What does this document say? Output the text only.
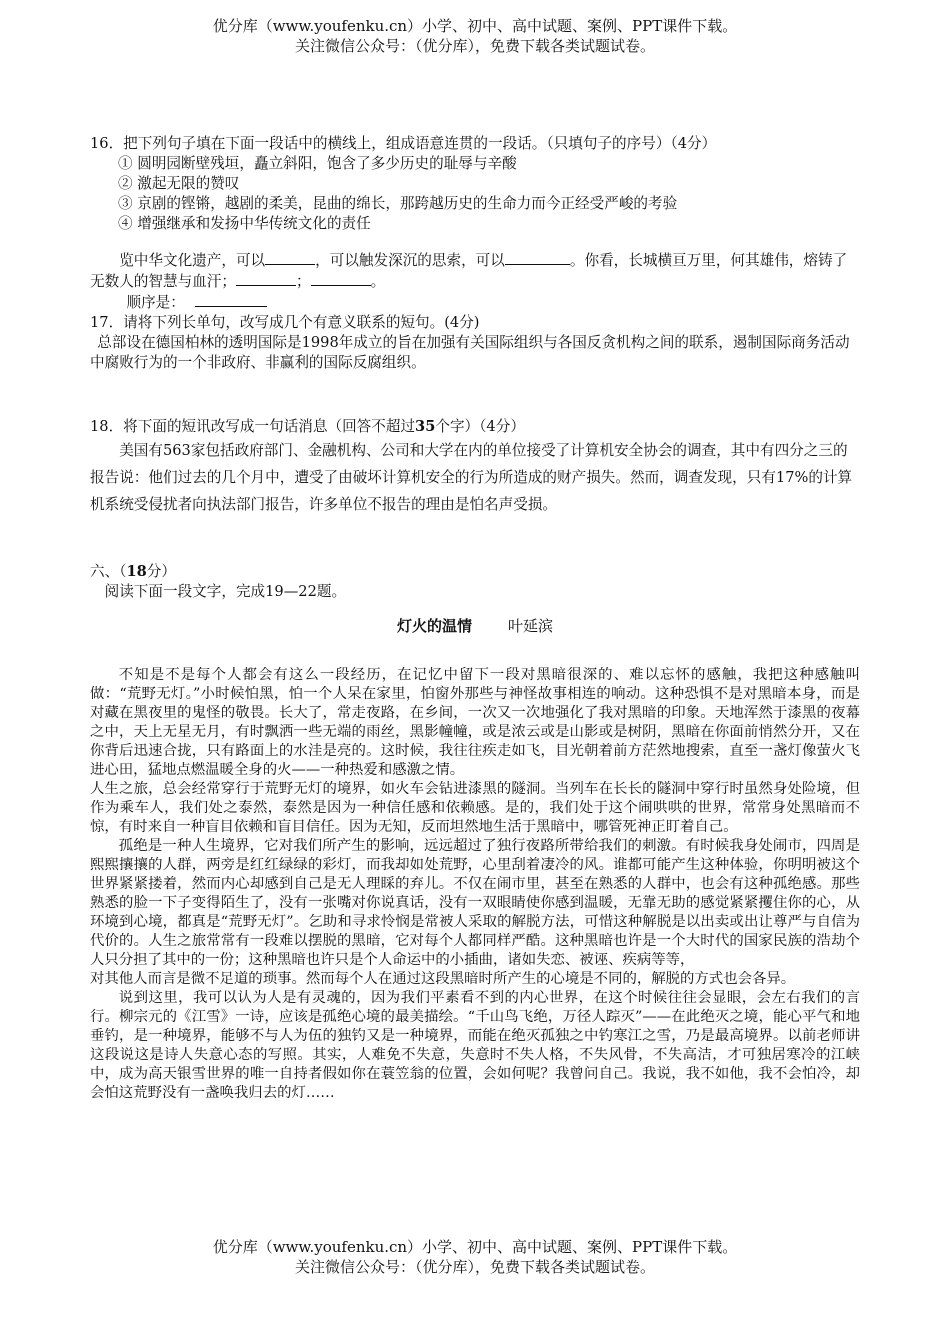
优分库（www.youfenku.cn）小学、初中、高中试题、案例、PPT课件下载。
关注微信公众号：（优分库），免费下载各类试题试卷。

16．把下列句子填在下面一段话中的横线上，组成语意连贯的一段话。（只填句子的序号）（4分）

① 圆明园断壁残垣，矗立斜阳，饱含了多少历史的耻辱与辛酸

② 激起无限的赞叹

③ 京剧的铿锵，越剧的柔美，昆曲的绵长，那跨越历史的生命力而今正经受严峻的考验

④ 增强继承和发扬中华传统文化的责任

览中华文化遗产，可以	，可以触发深沉的思索，可以	。你看，长城横亘万里，何其雄伟，熔铸了无数人的智慧与血汗；	；	。

顺序是：

17．请将下列长单句，改写成几个有意义联系的短句。(4分)

总部设在德国柏林的透明国际是1998年成立的旨在加强有关国际组织与各国反贪机构之间的联系，遏制国际商务活动中腐败行为的一个非政府、非赢利的国际反腐组织。

18．将下面的短讯改写成一句话消息（回答不超过35个字）（4分）

美国有563家包括政府部门、金融机构、公司和大学在内的单位接受了计算机安全协会的调查，其中有四分之三的报告说：他们过去的几个月中，遭受了由破坏计算机安全的行为所造成的财产损失。然而，调查发现，只有17%的计算机系统受侵扰者向执法部门报告，许多单位不报告的理由是怕名声受损。

六、（18分）

阅读下面一段文字，完成19—22题。

灯火的温情 叶延滨

不知是不是每个人都会有这么一段经历，在记忆中留下一段对黑暗很深的、难以忘怀的感触，我把这种感触叫做：“荒野无灯。”小时候怕黑，怕一个人呆在家里，怕窗外那些与神怪故事相连的响动。这种恐惧不是对黑暗本身，而是对藏在黑夜里的鬼怪的敬畏。长大了，常走夜路，在乡间，一次又一次地强化了我对黑暗的印象。天地浑然于漆黑的夜幕之中，天上无星无月，有时飘洒一些无端的雨丝，黑影幢幢，或是浓云或是山影或是树阴，黑暗在你面前悄然分开，又在你背后迅速合拢，只有路面上的水洼是亮的。这时候，我往往疾走如飞，目光朝着前方茫然地搜索，直至一盏灯像萤火飞进心田，猛地点燃温暖全身的火——一种热爱和感激之情。

人生之旅，总会经常穿行于荒野无灯的境界，如火车会钻进漆黑的隧洞。当列车在长长的隧洞中穿行时虽然身处险境，但作为乘车人，我们处之泰然，泰然是因为一种信任感和依赖感。是的，我们处于这个闹哄哄的世界，常常身处黑暗而不惊，有时来自一种盲目依赖和盲目信任。因为无知，反而坦然地生活于黑暗中，哪管死神正盯着自己。

孤绝是一种人生境界，它对我们所产生的影响，远远超过了独行夜路所带给我们的刺激。有时候我身处闹市，四周是熙熙攘攘的人群，两旁是红红绿绿的彩灯，而我却如处荒野，心里刮着凄冷的风。谁都可能产生这种体验，你明明被这个世界紧紧搂着，然而内心却感到自己是无人理睬的弃儿。不仅在闹市里，甚至在熟悉的人群中，也会有这种孤绝感。那些熟悉的脸一下子变得陌生了，没有一张嘴对你说真话，没有一双眼睛使你感到温暖，无靠无助的感觉紧紧攫住你的心，从环境到心境，都真是“荒野无灯”。乞助和寻求怜悯是常被人采取的解脱方法，可惜这种解脱是以出卖或出让尊严与自信为代价的。人生之旅常常有一段难以摆脱的黑暗，它对每个人都同样严酷。这种黑暗也许是一个大时代的国家民族的浩劫个人只分担了其中的一份；这种黑暗也许只是个人命运中的小插曲，诸如失恋、被诬、疾病等等，

对其他人而言是微不足道的琐事。然而每个人在通过这段黑暗时所产生的心境是不同的，解脱的方式也会各异。

说到这里，我可以认为人是有灵魂的，因为我们平素看不到的内心世界，在这个时候往往会显眼，会左右我们的言行。柳宗元的《江雪》一诗，应该是孤绝心境的最美描绘。“千山鸟飞绝，万径人踪灭”——在此绝灭之境，能心平气和地垂钓，是一种境界，能够不与人为伍的独钓又是一种境界，而能在绝灭孤独之中钓寒江之雪，乃是最高境界。以前老师讲这段说这是诗人失意心态的写照。其实，人难免不失意，失意时不失人格，不失风骨，不失高洁，才可独居寒冷的江峡中，成为高天银雪世界的唯一自持者假如你在蓑笠翁的位置，会如何呢？我曾问自己。我说，我不如他，我不会怕冷，却会怕这荒野没有一盏唤我归去的灯……

优分库（www.youfenku.cn）小学、初中、高中试题、案例、PPT课件下载。
关注微信公众号：（优分库），免费下载各类试题试卷。
